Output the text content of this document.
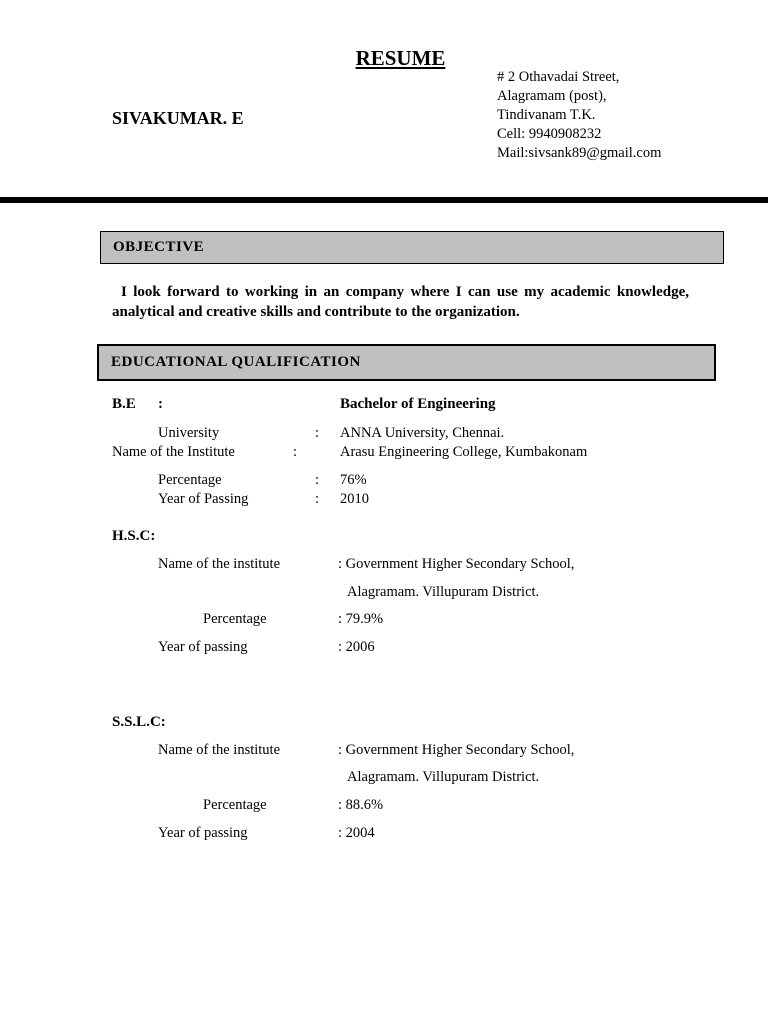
RESUME
SIVAKUMAR. E
# 2 Othavadai Street,
Alagramam (post),
Tindivanam T.K.
Cell: 9940908232
Mail:sivsank89@gmail.com
OBJECTIVE
I look forward to working in an company where I can use my academic knowledge, analytical and creative skills and contribute to the organization.
EDUCATIONAL QUALIFICATION
B.E :	Bachelor of Engineering
University	: ANNA University, Chennai.
Name of the Institute	:	Arasu Engineering College, Kumbakonam
Percentage	: 76%
Year of Passing	: 2010
H.S.C:
Name of the institute	: Government Higher Secondary School,
Alagramam. Villupuram District.
Percentage	: 79.9%
Year of passing	: 2006
S.S.L.C:
Name of the institute	: Government Higher Secondary School,
Alagramam. Villupuram District.
Percentage	: 88.6%
Year of passing	: 2004
